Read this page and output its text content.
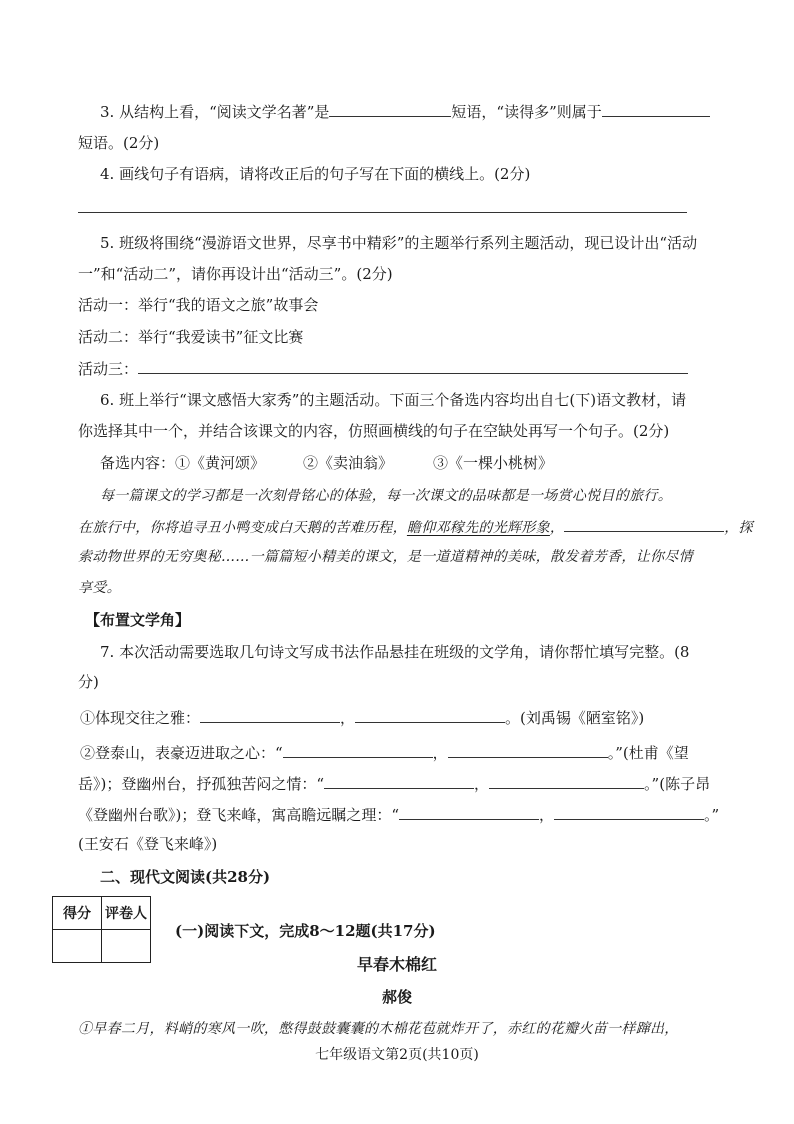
3. 从结构上看，“阅读文学名著”是	短语，“读得多”则属于
短语。(2分)
4. 画线句子有语病，请将改正后的句子写在下面的横线上。(2分)
5. 班级将围绕“漫游语文世界，尽享书中精彩”的主题举行系列主题活动，现已设计出“活动
一”和“活动二”，请你再设计出“活动三”。(2分)
活动一：举行“我的语文之旅”故事会
活动二：举行“我爱读书”征文比赛
活动三：
6. 班上举行“课文感悟大家秀”的主题活动。下面三个备选内容均出自七(下)语文教材，请
你选择其中一个，并结合该课文的内容，仿照画横线的句子在空缺处再写一个句子。(2分)
备选内容：①《黄河颂》	②《卖油翁》	③《一棵小桃树》
每一篇课文的学习都是一次刻骨铭心的体验，每一次课文的品味都是一场赏心悦目的旅行。
在旅行中，你将追寻丑小鸭变成白天鹅的苦难历程，瞻仰邓稼先的光辉形象，	，探
索动物世界的无穷奥秘……一篇篇短小精美的课文，是一道道精神的美味，散发着芳香，让你尽情
享受。
【布置文学角】
7. 本次活动需要选取几句诗文写成书法作品悬挂在班级的文学角，请你帮忙填写完整。(8
分)
①体现交往之雅：	，	。(刘禹锡《陋室铭》)
②登泰山，表豪迈进取之心：“	，	。”(杜甫《望
岳》)；登幽州台，抒孤独苦闷之情：“	，	。”(陈子昂
《登幽州台歌》)；登飞来峰，寓高瞻远瞩之理：“	，	。”
(王安石《登飞来峰》)
二、现代文阅读(共28分)
得分	评卷人

(一)阅读下文，完成8～12题(共17分)
早春木棉红
郝俊
①早春二月，料峭的寒风一吹，憋得鼓鼓囊囊的木棉花苞就炸开了，赤红的花瓣火苗一样蹿出，
七年级语文第2页(共10页)
